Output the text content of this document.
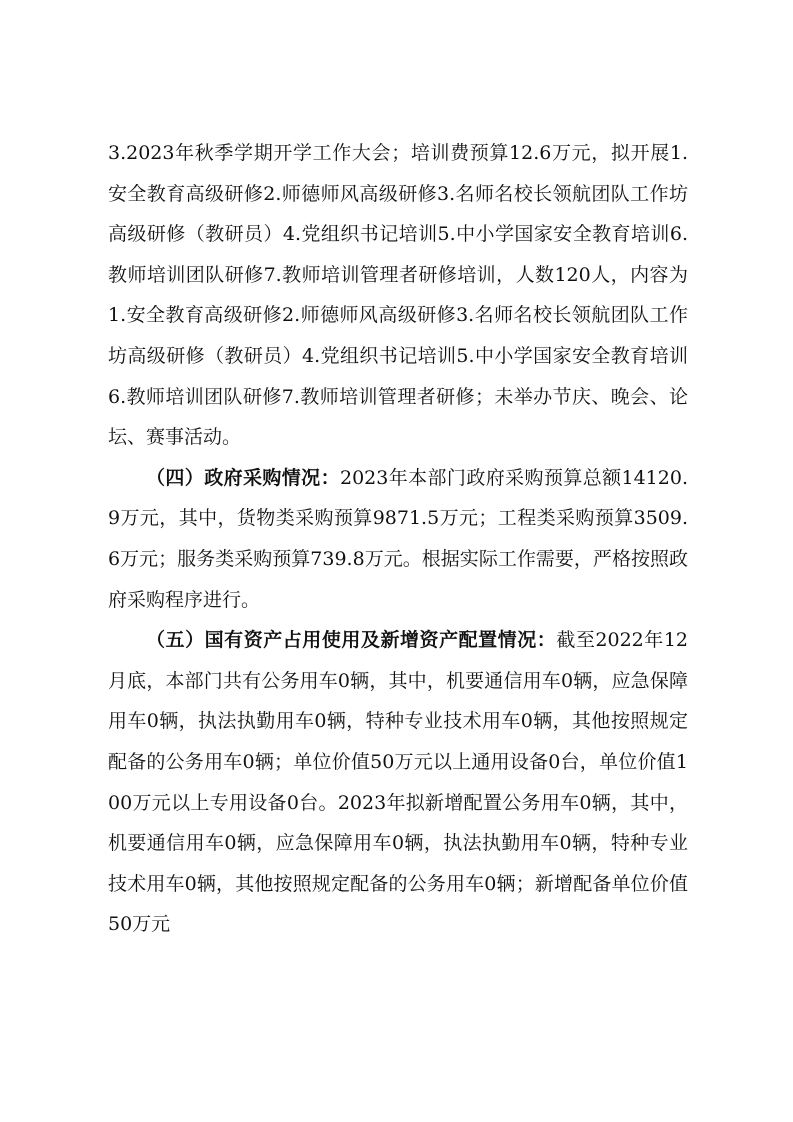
3.2023年秋季学期开学工作大会；培训费预算12.6万元，拟开展1.安全教育高级研修2.师德师风高级研修3.名师名校长领航团队工作坊高级研修（教研员）4.党组织书记培训5.中小学国家安全教育培训6.教师培训团队研修7.教师培训管理者研修培训，人数120人，内容为1.安全教育高级研修2.师德师风高级研修3.名师名校长领航团队工作坊高级研修（教研员）4.党组织书记培训5.中小学国家安全教育培训6.教师培训团队研修7.教师培训管理者研修；未举办节庆、晚会、论坛、赛事活动。

（四）政府采购情况：2023年本部门政府采购预算总额14120.9万元，其中，货物类采购预算9871.5万元；工程类采购预算3509.6万元；服务类采购预算739.8万元。根据实际工作需要，严格按照政府采购程序进行。

（五）国有资产占用使用及新增资产配置情况：截至2022年12月底，本部门共有公务用车0辆，其中，机要通信用车0辆，应急保障用车0辆，执法执勤用车0辆，特种专业技术用车0辆，其他按照规定配备的公务用车0辆；单位价值50万元以上通用设备0台，单位价值100万元以上专用设备0台。2023年拟新增配置公务用车0辆，其中，机要通信用车0辆，应急保障用车0辆，执法执勤用车0辆，特种专业技术用车0辆，其他按照规定配备的公务用车0辆；新增配备单位价值50万元
